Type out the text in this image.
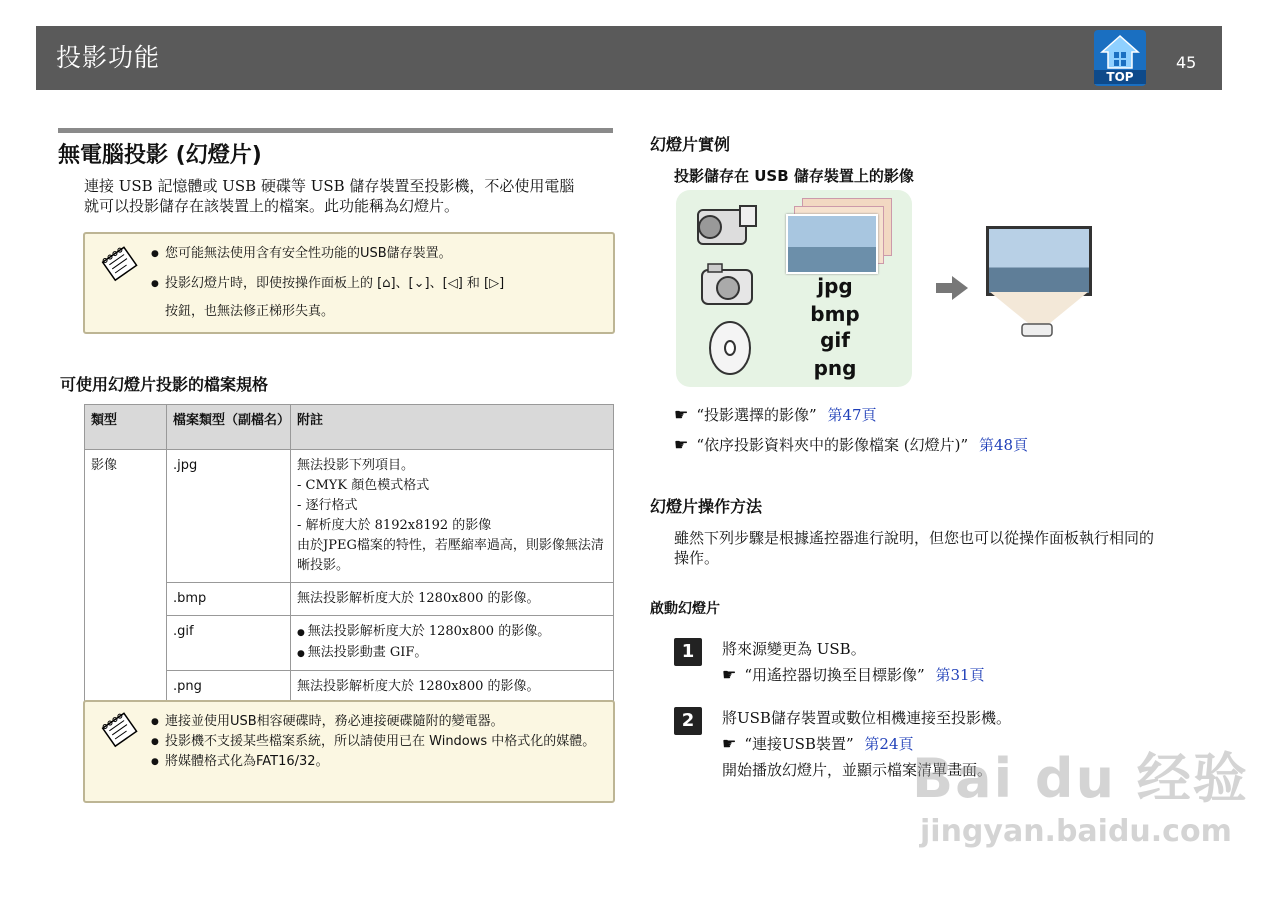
投影功能
TOP
45
無電腦投影 (幻燈片)
連接 USB 記憶體或 USB 硬碟等 USB 儲存裝置至投影機，不必使用電腦
就可以投影儲存在該裝置上的檔案。此功能稱為幻燈片。
● 您可能無法使用含有安全性功能的USB儲存裝置。
● 投影幻燈片時，即使按操作面板上的 [⌂]、[⌄]、[◁] 和 [▷]
按鈕，也無法修正梯形失真。
可使用幻燈片投影的檔案規格
類型	檔案類型（副檔名）	附註
影像	.jpg	無法投影下列項目。
- CMYK 顏色模式格式
- 逐行格式
- 解析度大於 8192x8192 的影像
由於JPEG檔案的特性，若壓縮率過高，則影像無法清晰投影。

	.bmp	無法投影解析度大於 1280x800 的影像。
	.gif	● 無法投影解析度大於 1280x800 的影像。
● 無法投影動畫 GIF。

	.png	無法投影解析度大於 1280x800 的影像。
● 連接並使用USB相容硬碟時，務必連接硬碟隨附的變電器。
● 投影機不支援某些檔案系統，所以請使用已在 Windows 中格式化的媒體。
● 將媒體格式化為FAT16/32。
幻燈片實例
投影儲存在 USB 儲存裝置上的影像
jpg
bmp
gif
png
☛ “投影選擇的影像” 第47頁
☛ “依序投影資料夾中的影像檔案 (幻燈片)” 第48頁
幻燈片操作方法
雖然下列步驟是根據遙控器進行說明，但您也可以從操作面板執行相同的
操作。
啟動幻燈片
1	將來源變更為 USB。
☛ “用遙控器切換至目標影像” 第31頁
2	將USB儲存裝置或數位相機連接至投影機。
☛ “連接USB裝置” 第24頁
開始播放幻燈片，並顯示檔案清單畫面。
Bai du 经验
jingyan.baidu.com
